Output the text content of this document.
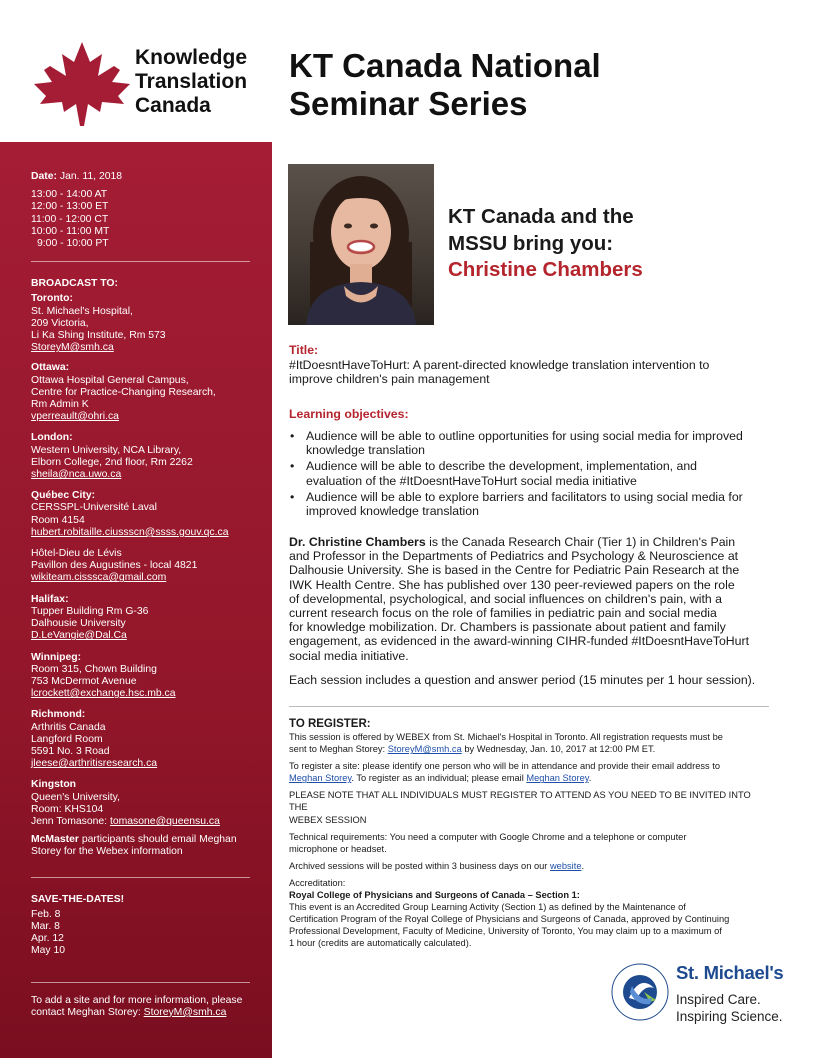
Knowledge
Translation
Canada
KT Canada National
Seminar Series
Date: Jan. 11, 2018
13:00 - 14:00 AT
12:00 - 13:00 ET
11:00 - 12:00 CT
10:00 - 11:00 MT
9:00 - 10:00 PT
BROADCAST TO:
Toronto:
St. Michael's Hospital,
209 Victoria,
Li Ka Shing Institute, Rm 573
StoreyM@smh.ca
Ottawa:
Ottawa Hospital General Campus,
Centre for Practice-Changing Research,
Rm Admin K
vperreault@ohri.ca
London:
Western University, NCA Library,
Elborn College, 2nd floor, Rm 2262
sheila@nca.uwo.ca
Québec City:
CERSSPL-Université Laval
Room 4154
hubert.robitaille.ciussscn@ssss.gouv.qc.ca
Hôtel-Dieu de Lévis
Pavillon des Augustines - local 4821
wikiteam.cisssca@gmail.com
Halifax:
Tupper Building Rm G-36
Dalhousie University
D.LeVangie@Dal.Ca
Winnipeg:
Room 315, Chown Building
753 McDermot Avenue
lcrockett@exchange.hsc.mb.ca
Richmond:
Arthritis Canada
Langford Room
5591 No. 3 Road
jleese@arthritisresearch.ca
Kingston
Queen's University,
Room: KHS104
Jenn Tomasone: tomasone@queensu.ca
McMaster participants should email Meghan
Storey for the Webex information
SAVE-THE-DATES!
Feb. 8
Mar. 8
Apr. 12
May 10
To add a site and for more information, please
contact Meghan Storey: StoreyM@smh.ca
KT Canada and the
MSSU bring you:
Christine Chambers
Title:
#ItDoesntHaveToHurt: A parent-directed knowledge translation intervention to
improve children's pain management
Learning objectives:
• Audience will be able to outline opportunities for using social media for improved
knowledge translation
• Audience will be able to describe the development, implementation, and
evaluation of the #ItDoesntHaveToHurt social media initiative
• Audience will be able to explore barriers and facilitators to using social media for
improved knowledge translation
Dr. Christine Chambers is the Canada Research Chair (Tier 1) in Children's Pain
and Professor in the Departments of Pediatrics and Psychology & Neuroscience at
Dalhousie University. She is based in the Centre for Pediatric Pain Research at the
IWK Health Centre. She has published over 130 peer-reviewed papers on the role
of developmental, psychological, and social influences on children's pain, with a
current research focus on the role of families in pediatric pain and social media
for knowledge mobilization. Dr. Chambers is passionate about patient and family
engagement, as evidenced in the award-winning CIHR-funded #ItDoesntHaveToHurt
social media initiative.
Each session includes a question and answer period (15 minutes per 1 hour session).
TO REGISTER:

This session is offered by WEBEX from St. Michael's Hospital in Toronto. All registration requests must be
sent to Meghan Storey: StoreyM@smh.ca by Wednesday, Jan. 10, 2017 at 12:00 PM ET.

To register a site: please identify one person who will be in attendance and provide their email address to
Meghan Storey. To register as an individual; please email Meghan Storey.

PLEASE NOTE THAT ALL INDIVIDUALS MUST REGISTER TO ATTEND AS YOU NEED TO BE INVITED INTO THE
WEBEX SESSION

Technical requirements: You need a computer with Google Chrome and a telephone or computer
microphone or headset.

Archived sessions will be posted within 3 business days on our website.

Accreditation:
Royal College of Physicians and Surgeons of Canada – Section 1:
This event is an Accredited Group Learning Activity (Section 1) as defined by the Maintenance of
Certification Program of the Royal College of Physicians and Surgeons of Canada, approved by Continuing
Professional Development, Faculty of Medicine, University of Toronto, You may claim up to a maximum of
1 hour (credits are automatically calculated).
St. Michael's
Inspired Care.
Inspiring Science.
